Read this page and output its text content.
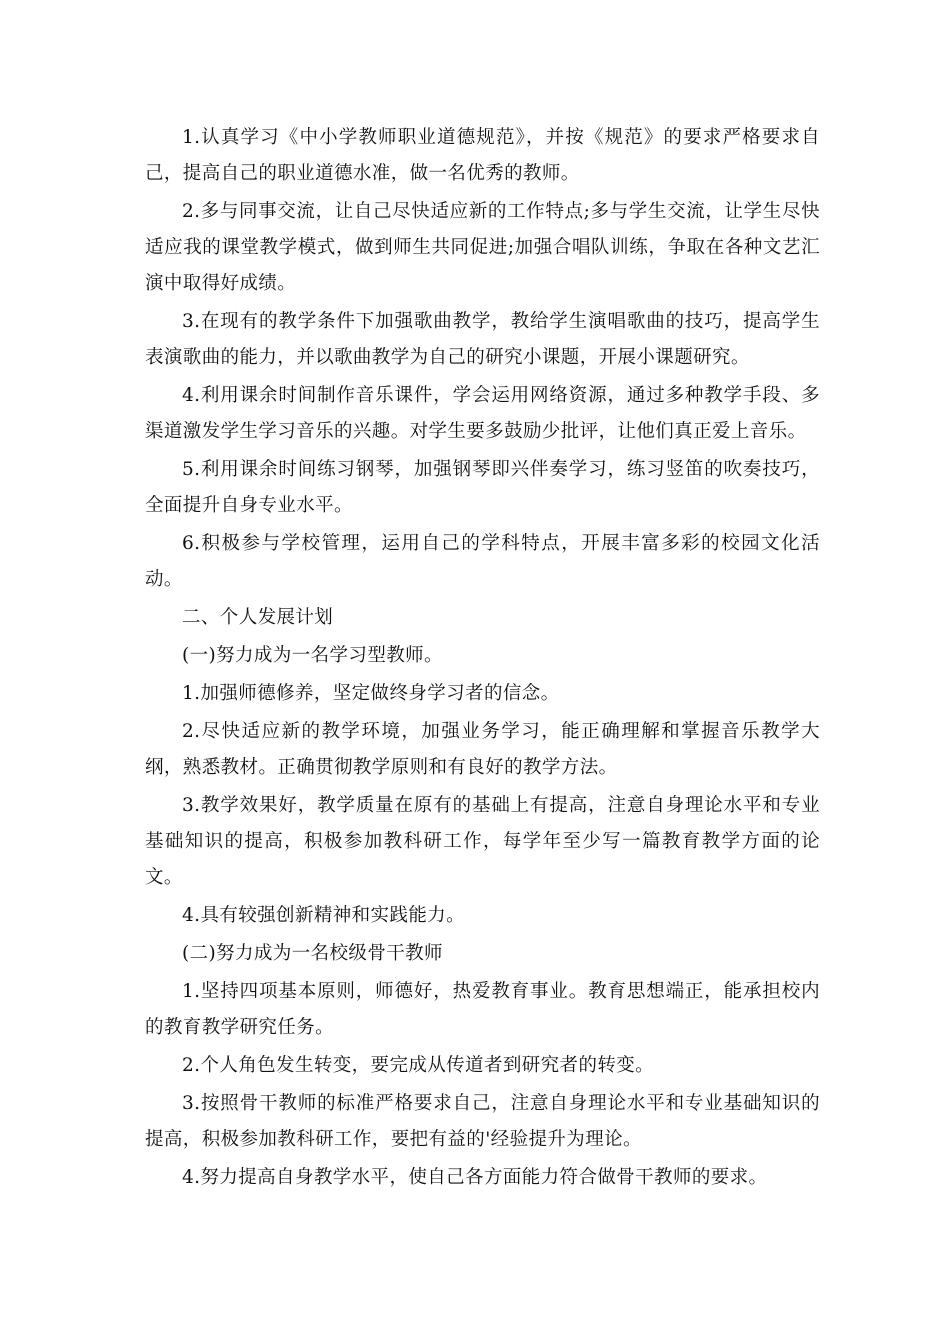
1.认真学习《中小学教师职业道德规范》，并按《规范》的要求严格要求自己，提高自己的职业道德水准，做一名优秀的教师。

2.多与同事交流，让自己尽快适应新的工作特点;多与学生交流，让学生尽快适应我的课堂教学模式，做到师生共同促进;加强合唱队训练，争取在各种文艺汇演中取得好成绩。

3.在现有的教学条件下加强歌曲教学，教给学生演唱歌曲的技巧，提高学生表演歌曲的能力，并以歌曲教学为自己的研究小课题，开展小课题研究。

4.利用课余时间制作音乐课件，学会运用网络资源，通过多种教学手段、多渠道激发学生学习音乐的兴趣。对学生要多鼓励少批评，让他们真正爱上音乐。

5.利用课余时间练习钢琴，加强钢琴即兴伴奏学习，练习竖笛的吹奏技巧，全面提升自身专业水平。

6.积极参与学校管理，运用自己的学科特点，开展丰富多彩的校园文化活动。

二、个人发展计划

(一)努力成为一名学习型教师。

1.加强师德修养，坚定做终身学习者的信念。

2.尽快适应新的教学环境，加强业务学习，能正确理解和掌握音乐教学大纲，熟悉教材。正确贯彻教学原则和有良好的教学方法。

3.教学效果好，教学质量在原有的基础上有提高，注意自身理论水平和专业基础知识的提高，积极参加教科研工作，每学年至少写一篇教育教学方面的论文。

4.具有较强创新精神和实践能力。

(二)努力成为一名校级骨干教师

1.坚持四项基本原则，师德好，热爱教育事业。教育思想端正，能承担校内的教育教学研究任务。

2.个人角色发生转变，要完成从传道者到研究者的转变。

3.按照骨干教师的标准严格要求自己，注意自身理论水平和专业基础知识的提高，积极参加教科研工作，要把有益的'经验提升为理论。

4.努力提高自身教学水平，使自己各方面能力符合做骨干教师的要求。
